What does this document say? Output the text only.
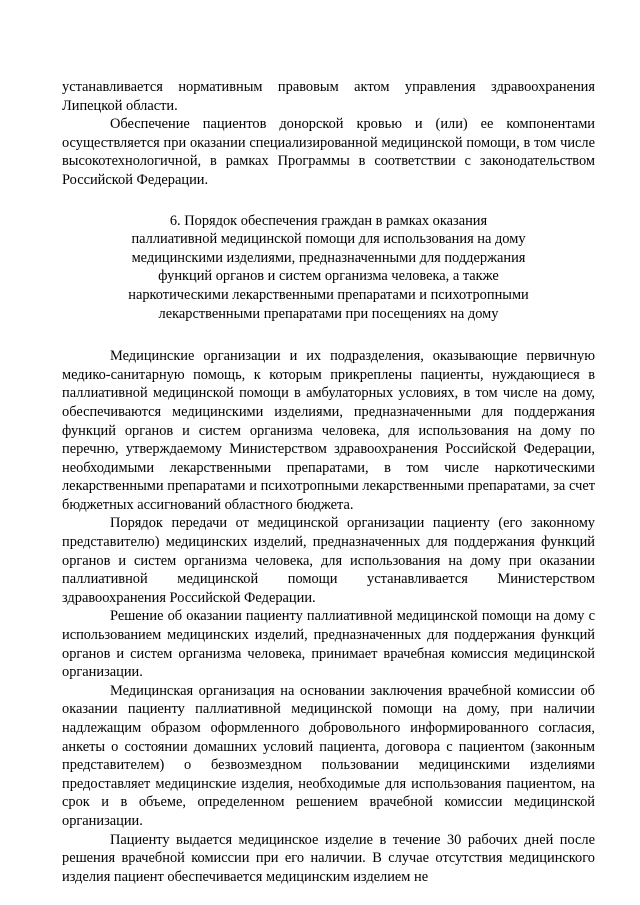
устанавливается нормативным правовым актом управления здравоохранения Липецкой области.

Обеспечение пациентов донорской кровью и (или) ее компонентами осуществляется при оказании специализированной медицинской помощи, в том числе высокотехнологичной, в рамках Программы в соответствии с законодательством Российской Федерации.

6. Порядок обеспечения граждан в рамках оказания
паллиативной медицинской помощи для использования на дому
медицинскими изделиями, предназначенными для поддержания
функций органов и систем организма человека, а также
наркотическими лекарственными препаратами и психотропными
лекарственными препаратами при посещениях на дому

Медицинские организации и их подразделения, оказывающие первичную медико-санитарную помощь, к которым прикреплены пациенты, нуждающиеся в паллиативной медицинской помощи в амбулаторных условиях, в том числе на дому, обеспечиваются медицинскими изделиями, предназначенными для поддержания функций органов и систем организма человека, для использования на дому по перечню, утверждаемому Министерством здравоохранения Российской Федерации, необходимыми лекарственными препаратами, в том числе наркотическими лекарственными препаратами и психотропными лекарственными препаратами, за счет бюджетных ассигнований областного бюджета.

Порядок передачи от медицинской организации пациенту (его законному представителю) медицинских изделий, предназначенных для поддержания функций органов и систем организма человека, для использования на дому при оказании паллиативной медицинской помощи устанавливается Министерством здравоохранения Российской Федерации.

Решение об оказании пациенту паллиативной медицинской помощи на дому с использованием медицинских изделий, предназначенных для поддержания функций органов и систем организма человека, принимает врачебная комиссия медицинской организации.

Медицинская организация на основании заключения врачебной комиссии об оказании пациенту паллиативной медицинской помощи на дому, при наличии надлежащим образом оформленного добровольного информированного согласия, анкеты о состоянии домашних условий пациента, договора с пациентом (законным представителем) о безвозмездном пользовании медицинскими изделиями предоставляет медицинские изделия, необходимые для использования пациентом, на срок и в объеме, определенном решением врачебной комиссии медицинской организации.

Пациенту выдается медицинское изделие в течение 30 рабочих дней после решения врачебной комиссии при его наличии. В случае отсутствия медицинского изделия пациент обеспечивается медицинским изделием не
